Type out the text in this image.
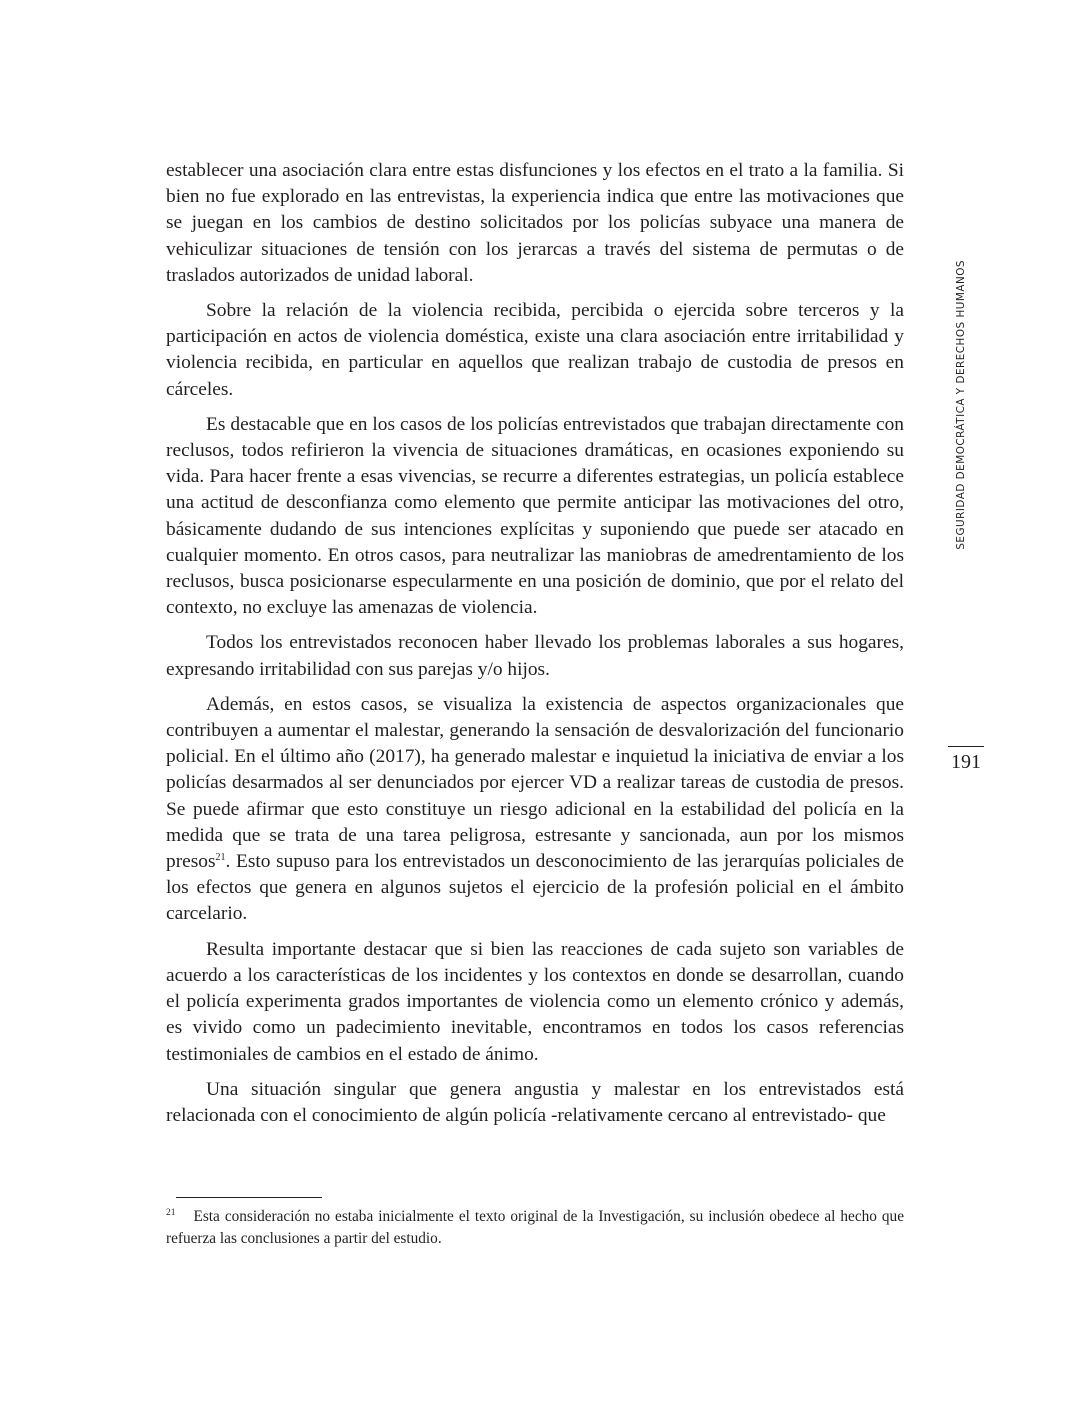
establecer una asociación clara entre estas disfunciones y los efectos en el trato a la familia. Si bien no fue explorado en las entrevistas, la experiencia indica que entre las motivaciones que se juegan en los cambios de destino solicitados por los policías subyace una manera de vehiculizar situaciones de tensión con los jerarcas a través del sistema de permutas o de traslados autorizados de unidad laboral.

Sobre la relación de la violencia recibida, percibida o ejercida sobre terceros y la participación en actos de violencia doméstica, existe una clara asociación entre irritabilidad y violencia recibida, en particular en aquellos que realizan trabajo de custodia de presos en cárceles.

Es destacable que en los casos de los policías entrevistados que trabajan directamente con reclusos, todos refirieron la vivencia de situaciones dramáticas, en ocasiones exponiendo su vida. Para hacer frente a esas vivencias, se recurre a diferentes estrategias, un policía establece una actitud de desconfianza como elemento que permite anticipar las motivaciones del otro, básicamente dudando de sus intenciones explícitas y suponiendo que puede ser atacado en cualquier momento. En otros casos, para neutralizar las maniobras de amedrentamiento de los reclusos, busca posicionarse especularmente en una posición de dominio, que por el relato del contexto, no excluye las amenazas de violencia.

Todos los entrevistados reconocen haber llevado los problemas laborales a sus hogares, expresando irritabilidad con sus parejas y/o hijos.

Además, en estos casos, se visualiza la existencia de aspectos organizacionales que contribuyen a aumentar el malestar, generando la sensación de desvalorización del funcionario policial. En el último año (2017), ha generado malestar e inquietud la iniciativa de enviar a los policías desarmados al ser denunciados por ejercer VD a realizar tareas de custodia de presos. Se puede afirmar que esto constituye un riesgo adicional en la estabilidad del policía en la medida que se trata de una tarea peligrosa, estresante y sancionada, aun por los mismos presos$^{21}$. Esto supuso para los entrevistados un desconocimiento de las jerarquías policiales de los efectos que genera en algunos sujetos el ejercicio de la profesión policial en el ámbito carcelario.

Resulta importante destacar que si bien las reacciones de cada sujeto son variables de acuerdo a los características de los incidentes y los contextos en donde se desarrollan, cuando el policía experimenta grados importantes de violencia como un elemento crónico y además, es vivido como un padecimiento inevitable, encontramos en todos los casos referencias testimoniales de cambios en el estado de ánimo.

Una situación singular que genera angustia y malestar en los entrevistados está relacionada con el conocimiento de algún policía -relativamente cercano al entrevistado- que

SEGURIDAD DEMOCRÁTICA Y DERECHOS HUMANOS
191
$^{21}$ Esta consideración no estaba inicialmente el texto original de la Investigación, su inclusión obedece al hecho que refuerza las conclusiones a partir del estudio.
